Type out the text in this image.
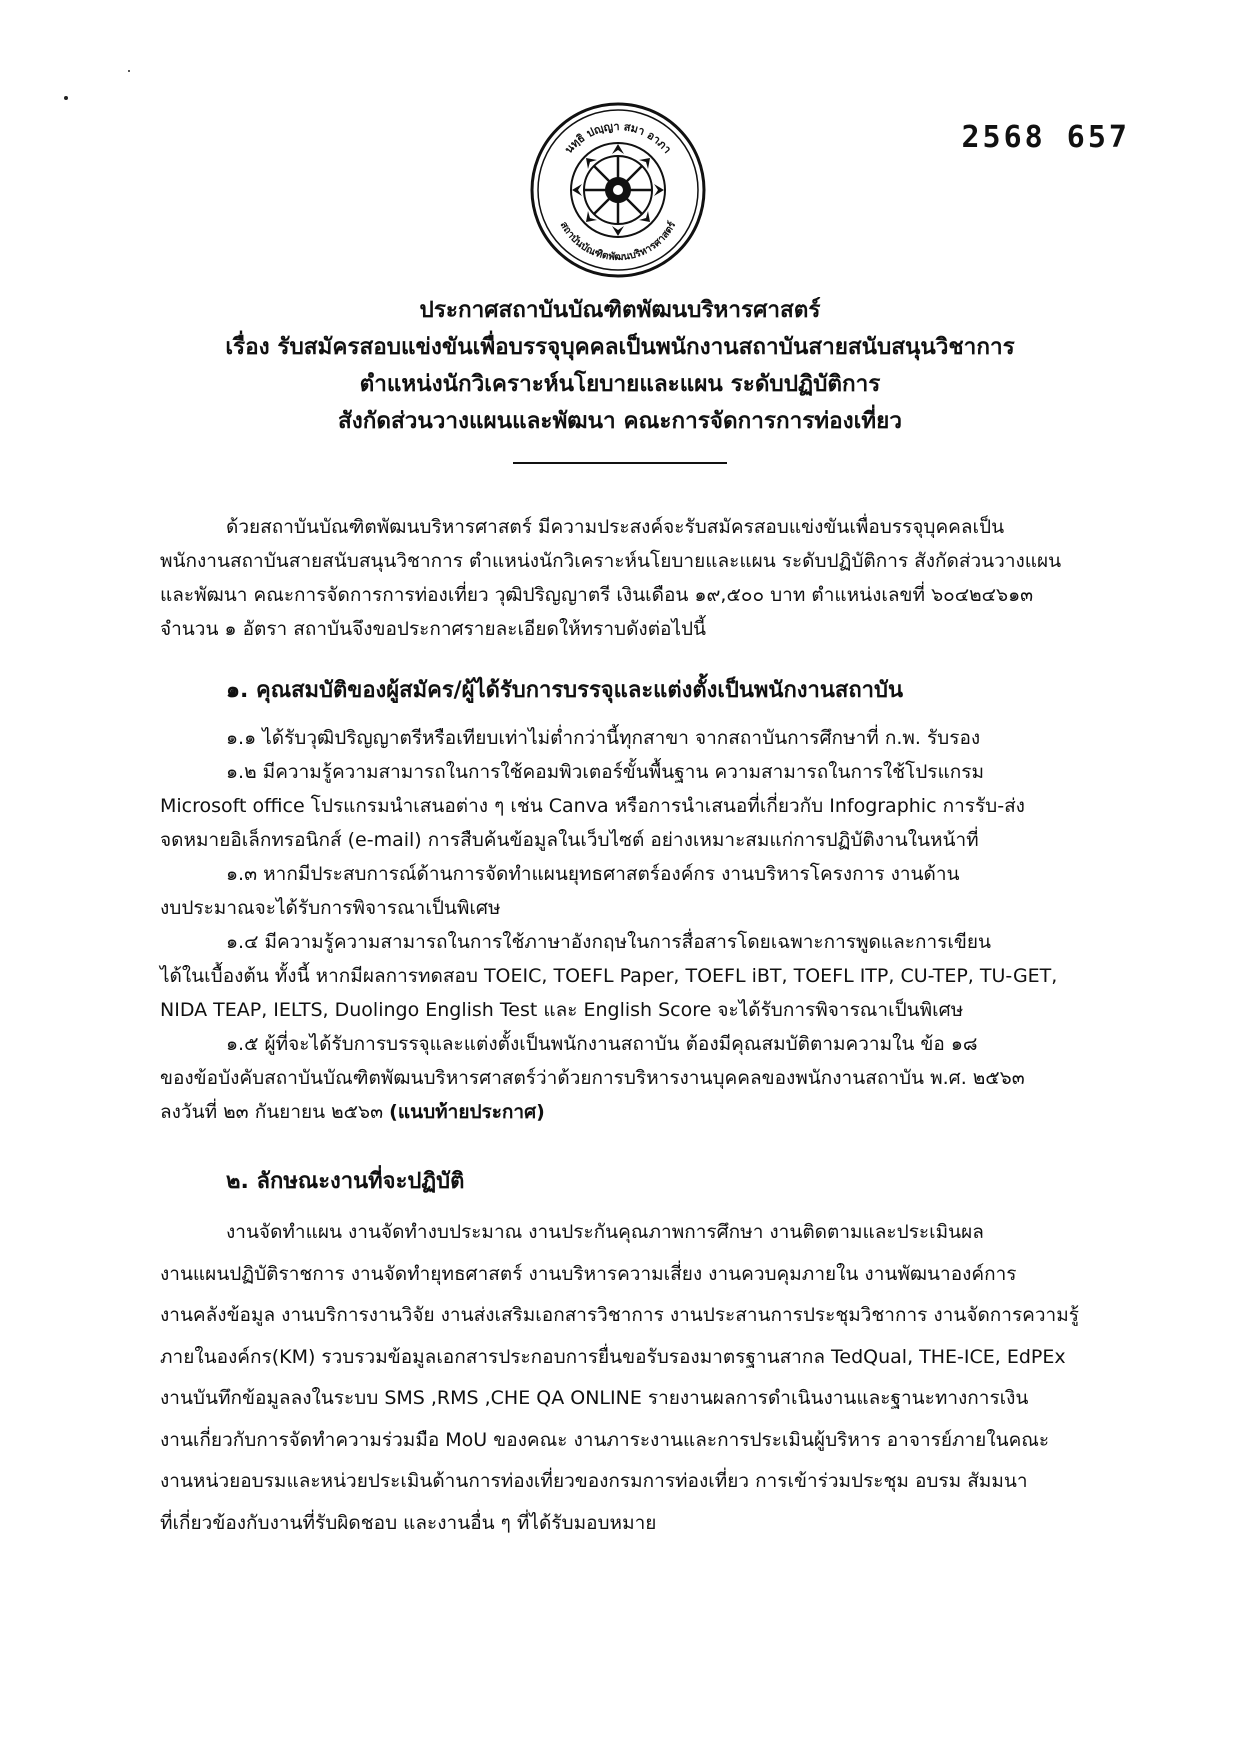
2568 657
นทฺธิ ปญฺญา สมา อาภา
สถาบันบัณฑิตพัฒนบริหารศาสตร์
ประกาศสถาบันบัณฑิตพัฒนบริหารศาสตร์
เรื่อง รับสมัครสอบแข่งขันเพื่อบรรจุบุคคลเป็นพนักงานสถาบันสายสนับสนุนวิชาการ
ตำแหน่งนักวิเคราะห์นโยบายและแผน ระดับปฏิบัติการ
สังกัดส่วนวางแผนและพัฒนา คณะการจัดการการท่องเที่ยว

ด้วยสถาบันบัณฑิตพัฒนบริหารศาสตร์ มีความประสงค์จะรับสมัครสอบแข่งขันเพื่อบรรจุบุคคลเป็น

พนักงานสถาบันสายสนับสนุนวิชาการ ตำแหน่งนักวิเคราะห์นโยบายและแผน ระดับปฏิบัติการ สังกัดส่วนวางแผน

และพัฒนา คณะการจัดการการท่องเที่ยว วุฒิปริญญาตรี เงินเดือน ๑๙,๕๐๐ บาท ตำแหน่งเลขที่ ๖๐๔๒๔๖๑๓

จำนวน ๑ อัตรา สถาบันจึงขอประกาศรายละเอียดให้ทราบดังต่อไปนี้

๑. คุณสมบัติของผู้สมัคร/ผู้ได้รับการบรรจุและแต่งตั้งเป็นพนักงานสถาบัน

๑.๑ ได้รับวุฒิปริญญาตรีหรือเทียบเท่าไม่ต่ำกว่านี้ทุกสาขา จากสถาบันการศึกษาที่ ก.พ. รับรอง

๑.๒ มีความรู้ความสามารถในการใช้คอมพิวเตอร์ขั้นพื้นฐาน ความสามารถในการใช้โปรแกรม

Microsoft office โปรแกรมนำเสนอต่าง ๆ เช่น Canva หรือการนำเสนอที่เกี่ยวกับ Infographic การรับ-ส่ง

จดหมายอิเล็กทรอนิกส์ (e-mail) การสืบค้นข้อมูลในเว็บไซต์ อย่างเหมาะสมแก่การปฏิบัติงานในหน้าที่

๑.๓ หากมีประสบการณ์ด้านการจัดทำแผนยุทธศาสตร์องค์กร งานบริหารโครงการ งานด้าน

งบประมาณจะได้รับการพิจารณาเป็นพิเศษ

๑.๔ มีความรู้ความสามารถในการใช้ภาษาอังกฤษในการสื่อสารโดยเฉพาะการพูดและการเขียน

ได้ในเบื้องต้น ทั้งนี้ หากมีผลการทดสอบ TOEIC, TOEFL Paper, TOEFL iBT, TOEFL ITP, CU-TEP, TU-GET,

NIDA TEAP, IELTS, Duolingo English Test และ English Score จะได้รับการพิจารณาเป็นพิเศษ

๑.๕ ผู้ที่จะได้รับการบรรจุและแต่งตั้งเป็นพนักงานสถาบัน ต้องมีคุณสมบัติตามความใน ข้อ ๑๘

ของข้อบังคับสถาบันบัณฑิตพัฒนบริหารศาสตร์ว่าด้วยการบริหารงานบุคคลของพนักงานสถาบัน พ.ศ. ๒๕๖๓

ลงวันที่ ๒๓ กันยายน ๒๕๖๓ (แนบท้ายประกาศ)

๒. ลักษณะงานที่จะปฏิบัติ

งานจัดทำแผน งานจัดทำงบประมาณ งานประกันคุณภาพการศึกษา งานติดตามและประเมินผล

งานแผนปฏิบัติราชการ งานจัดทำยุทธศาสตร์ งานบริหารความเสี่ยง งานควบคุมภายใน งานพัฒนาองค์การ

งานคลังข้อมูล งานบริการงานวิจัย งานส่งเสริมเอกสารวิชาการ งานประสานการประชุมวิชาการ งานจัดการความรู้

ภายในองค์กร(KM) รวบรวมข้อมูลเอกสารประกอบการยื่นขอรับรองมาตรฐานสากล TedQual, THE-ICE, EdPEx

งานบันทึกข้อมูลลงในระบบ SMS ,RMS ,CHE QA ONLINE รายงานผลการดำเนินงานและฐานะทางการเงิน

งานเกี่ยวกับการจัดทำความร่วมมือ MoU ของคณะ งานภาระงานและการประเมินผู้บริหาร อาจารย์ภายในคณะ

งานหน่วยอบรมและหน่วยประเมินด้านการท่องเที่ยวของกรมการท่องเที่ยว การเข้าร่วมประชุม อบรม สัมมนา

ที่เกี่ยวข้องกับงานที่รับผิดชอบ และงานอื่น ๆ ที่ได้รับมอบหมาย
